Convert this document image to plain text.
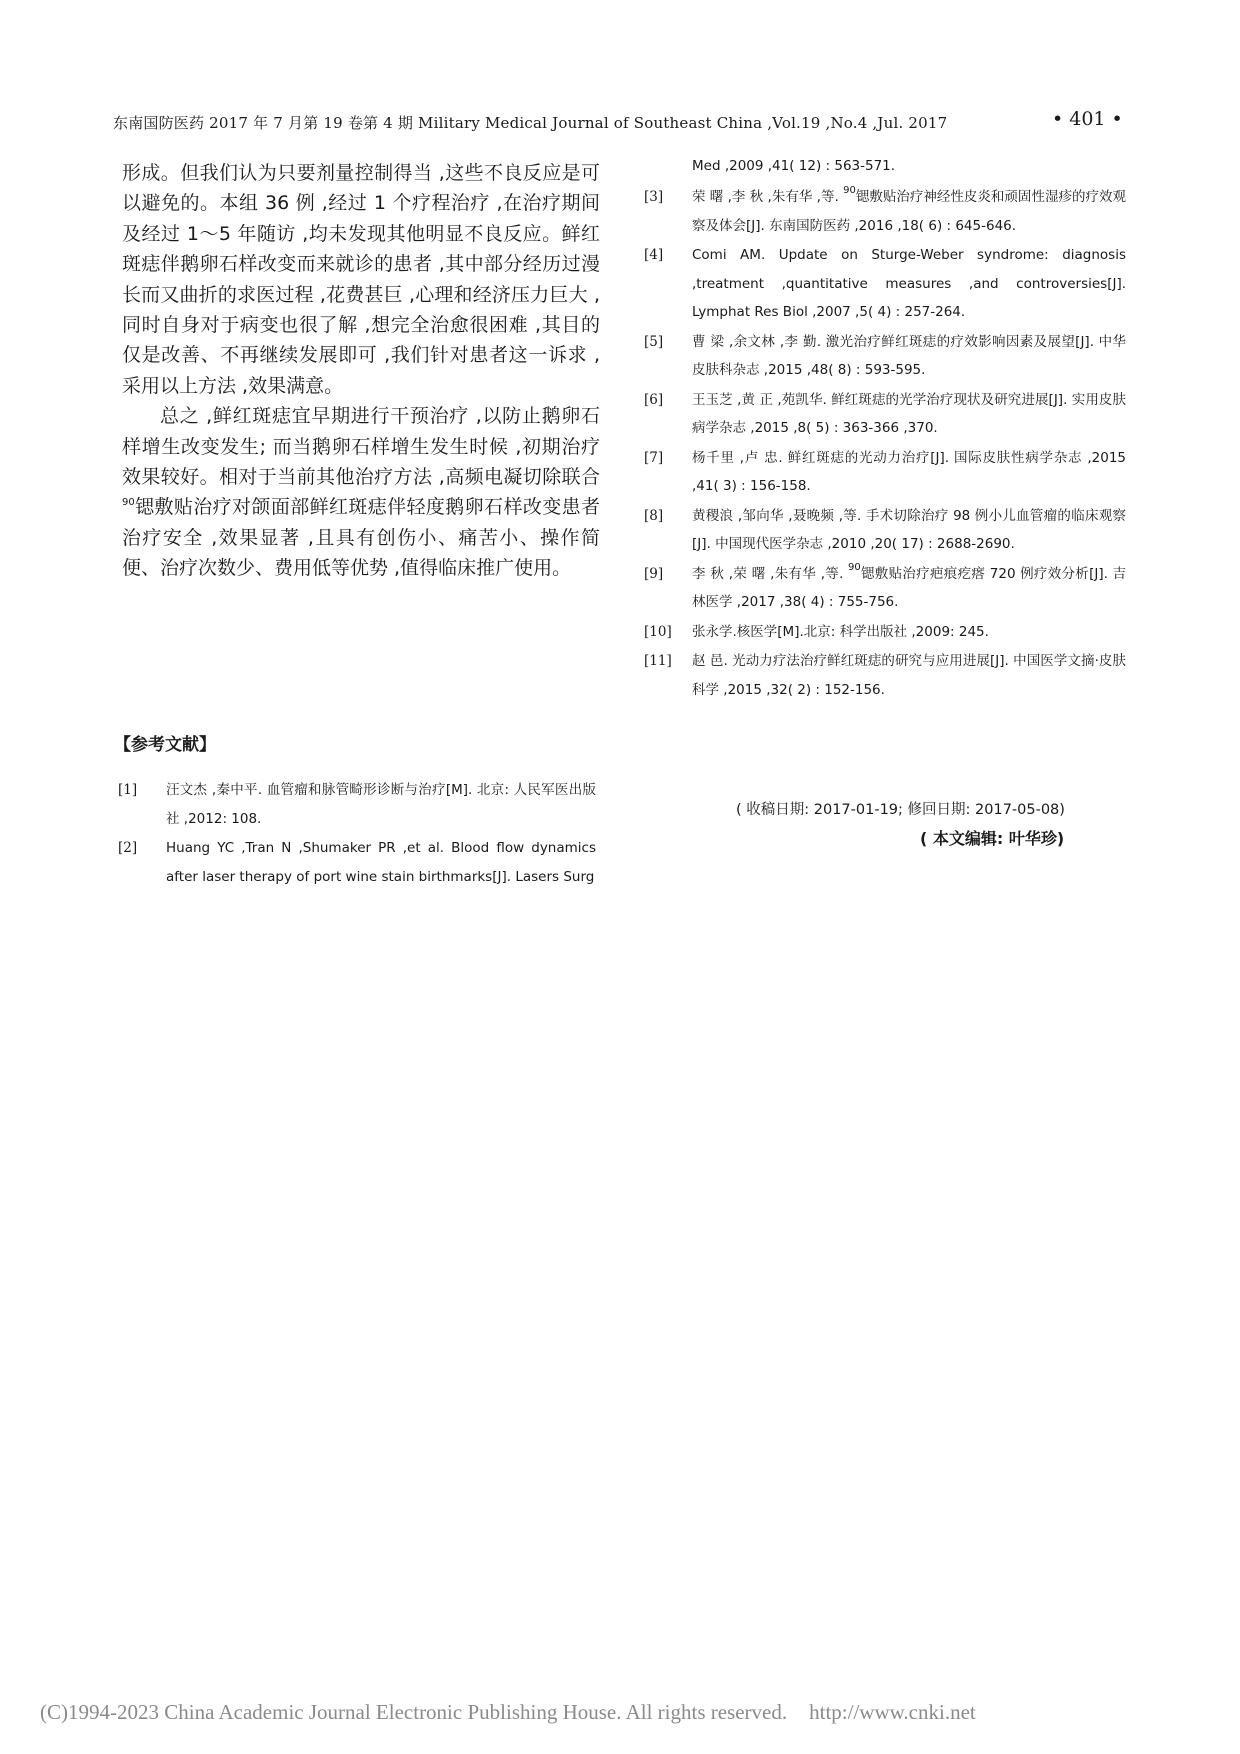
东南国防医药 2017 年 7 月第 19 卷第 4 期 Military Medical Journal of Southeast China ,Vol.19 ,No.4 ,Jul. 2017	• 401 •

形成。但我们认为只要剂量控制得当 ,这些不良反应是可以避免的。本组 36 例 ,经过 1 个疗程治疗 ,在治疗期间及经过 1～5 年随访 ,均未发现其他明显不良反应。鲜红斑痣伴鹅卵石样改变而来就诊的患者 ,其中部分经历过漫长而又曲折的求医过程 ,花费甚巨 ,心理和经济压力巨大 ,同时自身对于病变也很了解 ,想完全治愈很困难 ,其目的仅是改善、不再继续发展即可 ,我们针对患者这一诉求 ,采用以上方法 ,效果满意。

总之 ,鲜红斑痣宜早期进行干预治疗 ,以防止鹅卵石样增生改变发生; 而当鹅卵石样增生发生时候 ,初期治疗效果较好。相对于当前其他治疗方法 ,高频电凝切除联合$^{90}$锶敷贴治疗对颌面部鲜红斑痣伴轻度鹅卵石样改变患者治疗安全 ,效果显著 ,且具有创伤小、痛苦小、操作简便、治疗次数少、费用低等优势 ,值得临床推广使用。

【参考文献】
[1] 汪文杰 ,秦中平. 血管瘤和脉管畸形诊断与治疗[M]. 北京: 人民军医出版社 ,2012: 108.
[2] Huang YC ,Tran N ,Shumaker PR ,et al. Blood flow dynamics after laser therapy of port wine stain birthmarks[J]. Lasers Surg
Med ,2009 ,41( 12) : 563-571.
[3] 荣 曙 ,李 秋 ,朱有华 ,等. $^{90}$锶敷贴治疗神经性皮炎和顽固性湿疹的疗效观察及体会[J]. 东南国防医药 ,2016 ,18( 6) : 645-646.
[4] Comi AM. Update on Sturge-Weber syndrome: diagnosis ,treatment ,quantitative measures ,and controversies[J]. Lymphat Res Biol ,2007 ,5( 4) : 257-264.
[5] 曹 梁 ,余文林 ,李 勤. 激光治疗鲜红斑痣的疗效影响因素及展望[J]. 中华皮肤科杂志 ,2015 ,48( 8) : 593-595.
[6] 王玉芝 ,黄 正 ,苑凯华. 鲜红斑痣的光学治疗现状及研究进展[J]. 实用皮肤病学杂志 ,2015 ,8( 5) : 363-366 ,370.
[7] 杨千里 ,卢 忠. 鲜红斑痣的光动力治疗[J]. 国际皮肤性病学杂志 ,2015 ,41( 3) : 156-158.
[8] 黄稷浪 ,邹向华 ,聂晚频 ,等. 手术切除治疗 98 例小儿血管瘤的临床观察[J]. 中国现代医学杂志 ,2010 ,20( 17) : 2688-2690.
[9] 李 秋 ,荣 曙 ,朱有华 ,等. $^{90}$锶敷贴治疗疤痕疙瘩 720 例疗效分析[J]. 吉林医学 ,2017 ,38( 4) : 755-756.
[10] 张永学.核医学[M].北京: 科学出版社 ,2009: 245.
[11] 赵 邑. 光动力疗法治疗鲜红斑痣的研究与应用进展[J]. 中国医学文摘·皮肤科学 ,2015 ,32( 2) : 152-156.
( 收稿日期: 2017-01-19; 修回日期: 2017-05-08)
( 本文编辑: 叶华珍)
(C)1994-2023 China Academic Journal Electronic Publishing House. All rights reserved. http://www.cnki.net
